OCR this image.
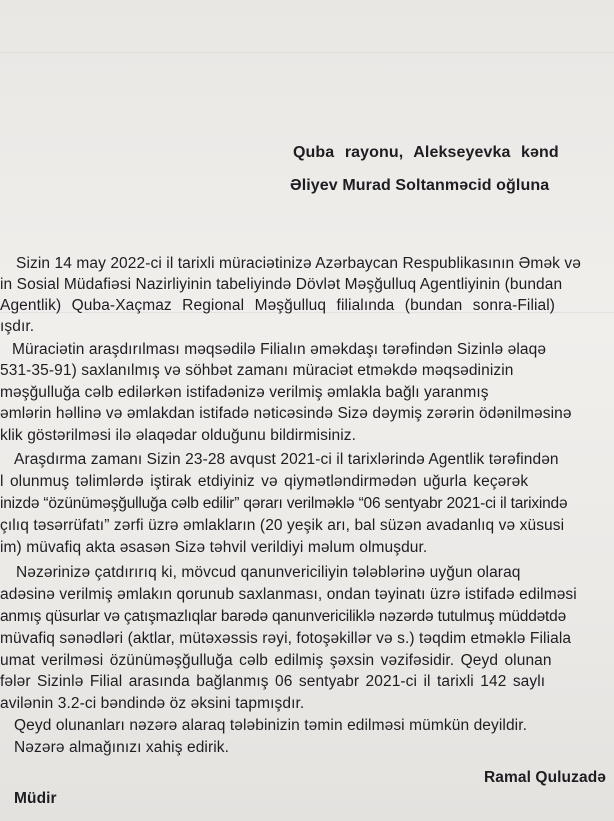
Quba rayonu, Alekseyevka kənd
Əliyev Murad Soltanməcid oğluna
Sizin 14 may 2022-ci il tarixli müraciətinizə Azərbaycan Respublikasının Əmək və
in Sosial Müdafiəsi Nazirliyinin tabeliyində Dövlət Məşğulluq Agentliyinin (bundan
Agentlik) Quba-Xaçmaz Regional Məşğulluq filialında (bundan sonra-Filial)
ışdır.
Müraciətin araşdırılması məqsədilə Filialın əməkdaşı tərəfindən Sizinlə əlaqə
531-35-91) saxlanılmış və söhbət zamanı müraciət etməkdə məqsədinizin
məşğulluğa cəlb edilərkən istifadənizə verilmiş əmlakla bağlı yaranmış
əmlərin həllinə və əmlakdan istifadə nəticəsində Sizə dəymiş zərərin ödənilməsinə
klik göstərilməsi ilə əlaqədar olduğunu bildirmisiniz.
Araşdırma zamanı Sizin 23-28 avqust 2021-ci il tarixlərində Agentlik tərəfindən
l olunmuş təlimlərdə iştirak etdiyiniz və qiymətləndirmədən uğurla keçərək
inizdə “özünüməşğulluğa cəlb edilir” qərarı verilməklə “06 sentyabr 2021-ci il tarixində
çılıq təsərrüfatı” zərfi üzrə əmlakların (20 yeşik arı, bal süzən avadanlıq və xüsusi
im) müvafiq akta əsasən Sizə təhvil verildiyi məlum olmuşdur.
Nəzərinizə çatdırırıq ki, mövcud qanunvericiliyin tələblərinə uyğun olaraq
adəsinə verilmiş əmlakın qorunub saxlanması, ondan təyinatı üzrə istifadə edilməsi
anmış qüsurlar və çatışmazlıqlar barədə qanunvericiliklə nəzərdə tutulmuş müddətdə
müvafiq sənədləri (aktlar, mütəxəssis rəyi, fotoşəkillər və s.) təqdim etməklə Filiala
umat verilməsi özünüməşğulluğa cəlb edilmiş şəxsin vəzifəsidir. Qeyd olunan
fələr Sizinlə Filial arasında bağlanmış 06 sentyabr 2021-ci il tarixli 142 saylı
avilənin 3.2-ci bəndində öz əksini tapmışdır.
Qeyd olunanları nəzərə alaraq tələbinizin təmin edilməsi mümkün deyildir.
Nəzərə almağınızı xahiş edirik.
Müdir
Ramal Quluzadə
